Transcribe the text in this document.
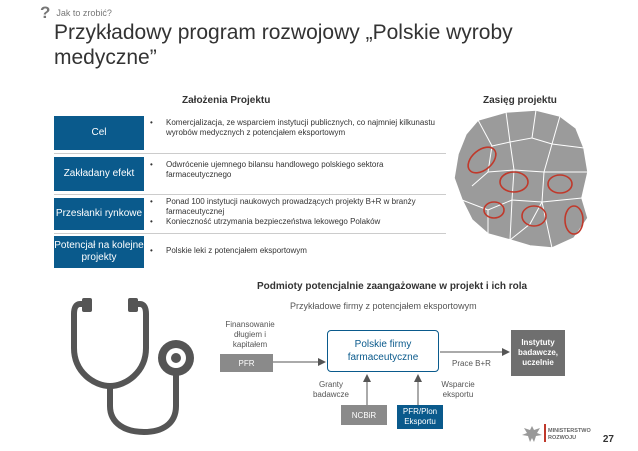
? Jak to zrobić?
Przykładowy program rozwojowy „Polskie wyroby medyczne”
Założenia Projektu	Zasięg projektu
Cel
•	Komercjalizacja, ze wsparciem instytucji publicznych, co najmniej kilkunastu wyrobów medycznych z potencjałem eksportowym
Zakładany efekt
•	Odwrócenie ujemnego bilansu handlowego polskiego sektora farmaceutycznego
Przesłanki rynkowe
•	Ponad 100 instytucji naukowych prowadzących projekty B+R w branży farmaceutycznej
•	Konieczność utrzymania bezpieczeństwa lekowego Polaków
Potencjał na kolejne projekty
•	Polskie leki z potencjałem eksportowym
Podmioty potencjalnie zaangażowane w projekt i ich rola
Przykładowe firmy z potencjałem eksportowym
Finansowanie długiem i kapitałem
PFR
Polskie firmy farmaceutyczne
Prace B+R
Instytuty badawcze, uczelnie
Granty badawcze
Wsparcie eksportu
NCBiR	PFR/Plon Eksportu
MINISTERSTWO ROZWOJU	27
